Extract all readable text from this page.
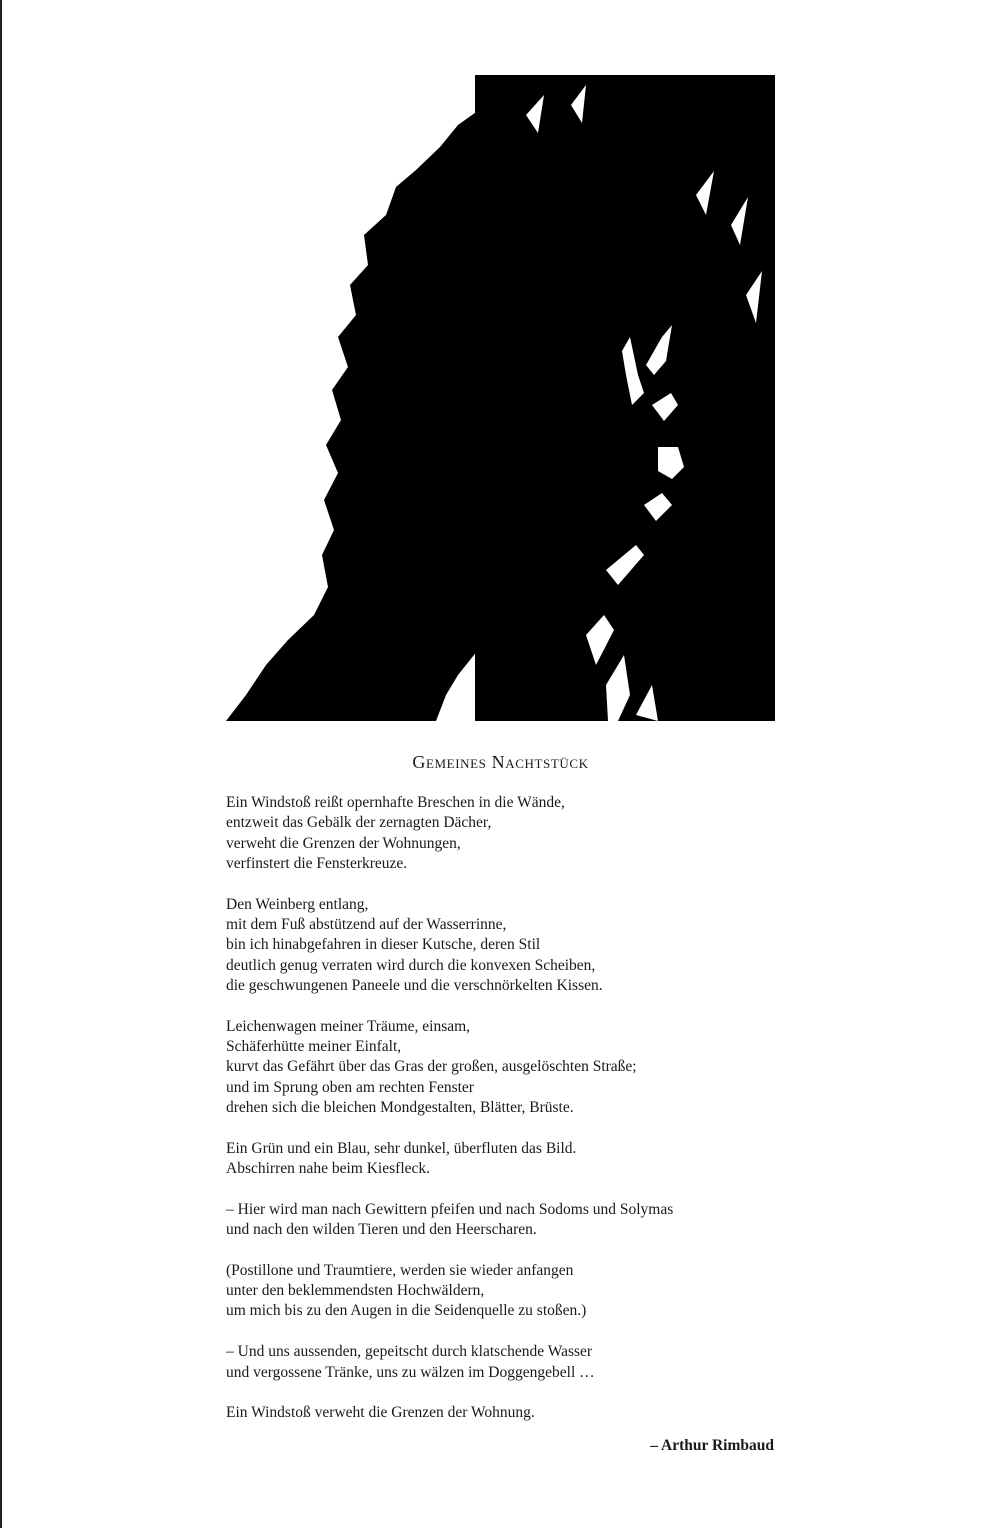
Gemeines Nachtstück
Ein Windstoß reißt opernhafte Breschen in die Wände,
entzweit das Gebälk der zernagten Dächer,
verweht die Grenzen der Wohnungen,
verfinstert die Fensterkreuze.
Den Weinberg entlang,
mit dem Fuß abstützend auf der Wasserrinne,
bin ich hinabgefahren in dieser Kutsche, deren Stil
deutlich genug verraten wird durch die konvexen Scheiben,
die geschwungenen Paneele und die verschnörkelten Kissen.
Leichenwagen meiner Träume, einsam,
Schäferhütte meiner Einfalt,
kurvt das Gefährt über das Gras der großen, ausgelöschten Straße;
und im Sprung oben am rechten Fenster
drehen sich die bleichen Mondgestalten, Blätter, Brüste.
Ein Grün und ein Blau, sehr dunkel, überfluten das Bild.
Abschirren nahe beim Kiesfleck.
– Hier wird man nach Gewittern pfeifen und nach Sodoms und Solymas
und nach den wilden Tieren und den Heerscharen.
(Postillone und Traumtiere, werden sie wieder anfangen
unter den beklemmendsten Hochwäldern,
um mich bis zu den Augen in die Seidenquelle zu stoßen.)
– Und uns aussenden, gepeitscht durch klatschende Wasser
und vergossene Tränke, uns zu wälzen im Doggengebell …
Ein Windstoß verweht die Grenzen der Wohnung.
– Arthur Rimbaud
